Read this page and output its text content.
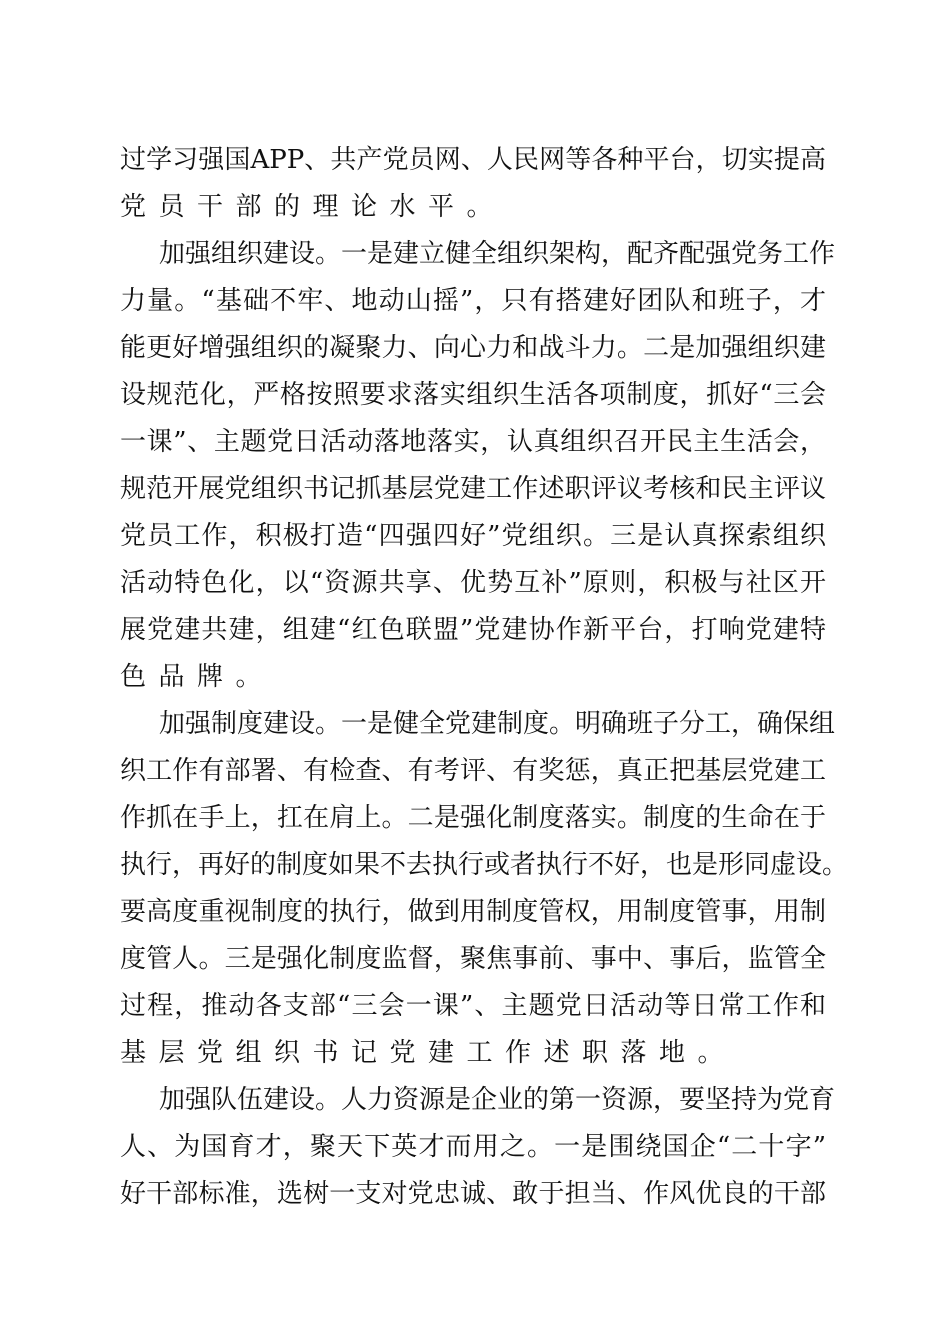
过学习强国APP、共产党员网、人民网等各种平台，切实提高
党员干部的理论水平。
加强组织建设。一是建立健全组织架构，配齐配强党务工作
力量。“基础不牢、地动山摇”，只有搭建好团队和班子，才
能更好增强组织的凝聚力、向心力和战斗力。二是加强组织建
设规范化，严格按照要求落实组织生活各项制度，抓好“三会
一课”、主题党日活动落地落实，认真组织召开民主生活会，
规范开展党组织书记抓基层党建工作述职评议考核和民主评议
党员工作，积极打造“四强四好”党组织。三是认真探索组织
活动特色化，以“资源共享、优势互补”原则，积极与社区开
展党建共建，组建“红色联盟”党建协作新平台，打响党建特
色品牌。
加强制度建设。一是健全党建制度。明确班子分工，确保组
织工作有部署、有检查、有考评、有奖惩，真正把基层党建工
作抓在手上，扛在肩上。二是强化制度落实。制度的生命在于
执行，再好的制度如果不去执行或者执行不好，也是形同虚设。
要高度重视制度的执行，做到用制度管权，用制度管事，用制
度管人。三是强化制度监督，聚焦事前、事中、事后，监管全
过程，推动各支部“三会一课”、主题党日活动等日常工作和
基层党组织书记党建工作述职落地。
加强队伍建设。人力资源是企业的第一资源，要坚持为党育
人、为国育才，聚天下英才而用之。一是围绕国企“二十字”
好干部标准，选树一支对党忠诚、敢于担当、作风优良的干部
